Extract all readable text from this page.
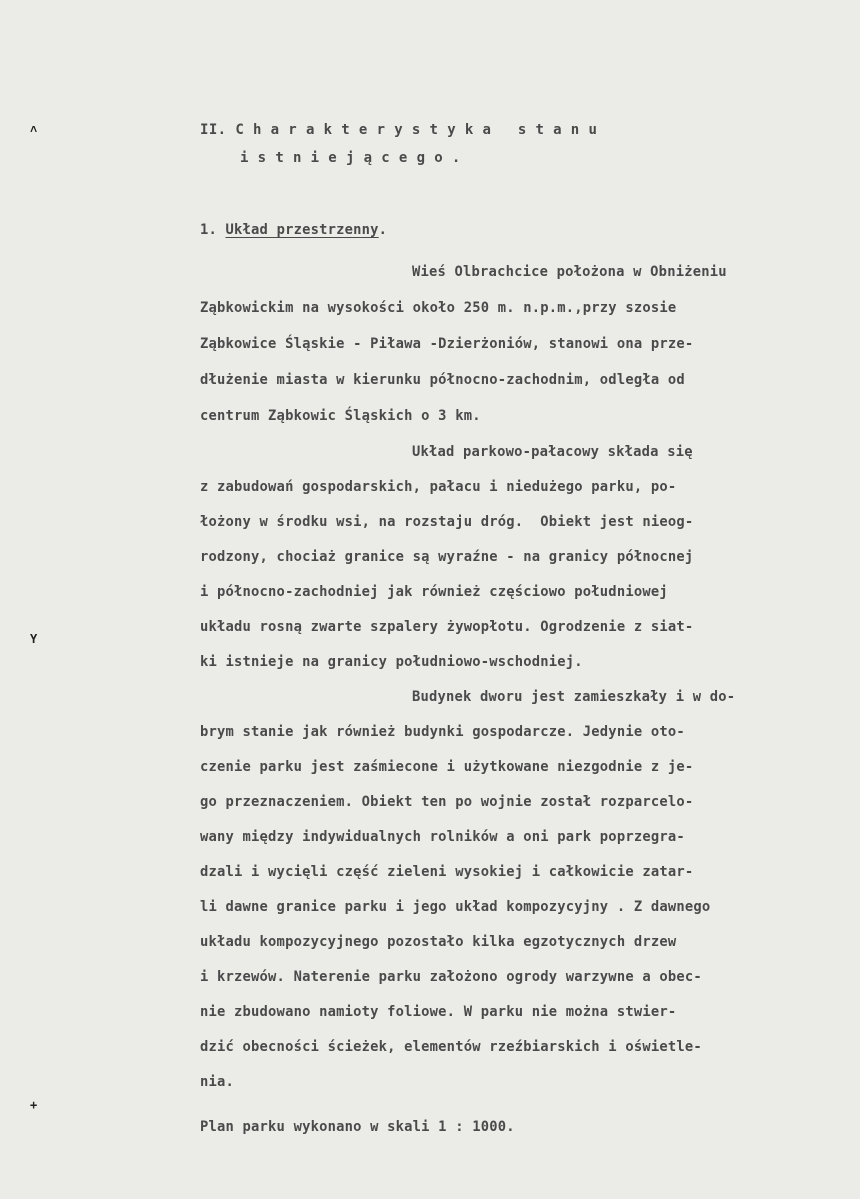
˄
Y
+
II. C h a r a k t e r y s t y k a   s t a n u
i s t n i e j ą c e g o .
1. Układ przestrzenny.
Wieś Olbrachcice położona w Obniżeniu
Ząbkowickim na wysokości około 250 m. n.p.m.,przy szosie
Ząbkowice Śląskie - Piława -Dzierżoniów, stanowi ona prze-
dłużenie miasta w kierunku północno-zachodnim, odległa od
centrum Ząbkowic Śląskich o 3 km.
Układ parkowo-pałacowy składa się
z zabudowań gospodarskich, pałacu i niedużego parku, po-
łożony w środku wsi, na rozstaju dróg.  Obiekt jest nieog-
rodzony, chociaż granice są wyraźne - na granicy północnej
i północno-zachodniej jak również częściowo południowej
układu rosną zwarte szpalery żywopłotu. Ogrodzenie z siat-
ki istnieje na granicy południowo-wschodniej.
Budynek dworu jest zamieszkały i w do-
brym stanie jak również budynki gospodarcze. Jedynie oto-
czenie parku jest zaśmiecone i użytkowane niezgodnie z je-
go przeznaczeniem. Obiekt ten po wojnie został rozparcelo-
wany między indywidualnych rolników a oni park poprzegra-
dzali i wycięli część zieleni wysokiej i całkowicie zatar-
li dawne granice parku i jego układ kompozycyjny . Z dawnego
układu kompozycyjnego pozostało kilka egzotycznych drzew
i krzewów. Naterenie parku założono ogrody warzywne a obec-
nie zbudowano namioty foliowe. W parku nie można stwier-
dzić obecności ścieżek, elementów rzeźbiarskich i oświetle-
nia.
Plan parku wykonano w skali 1 : 1000.
